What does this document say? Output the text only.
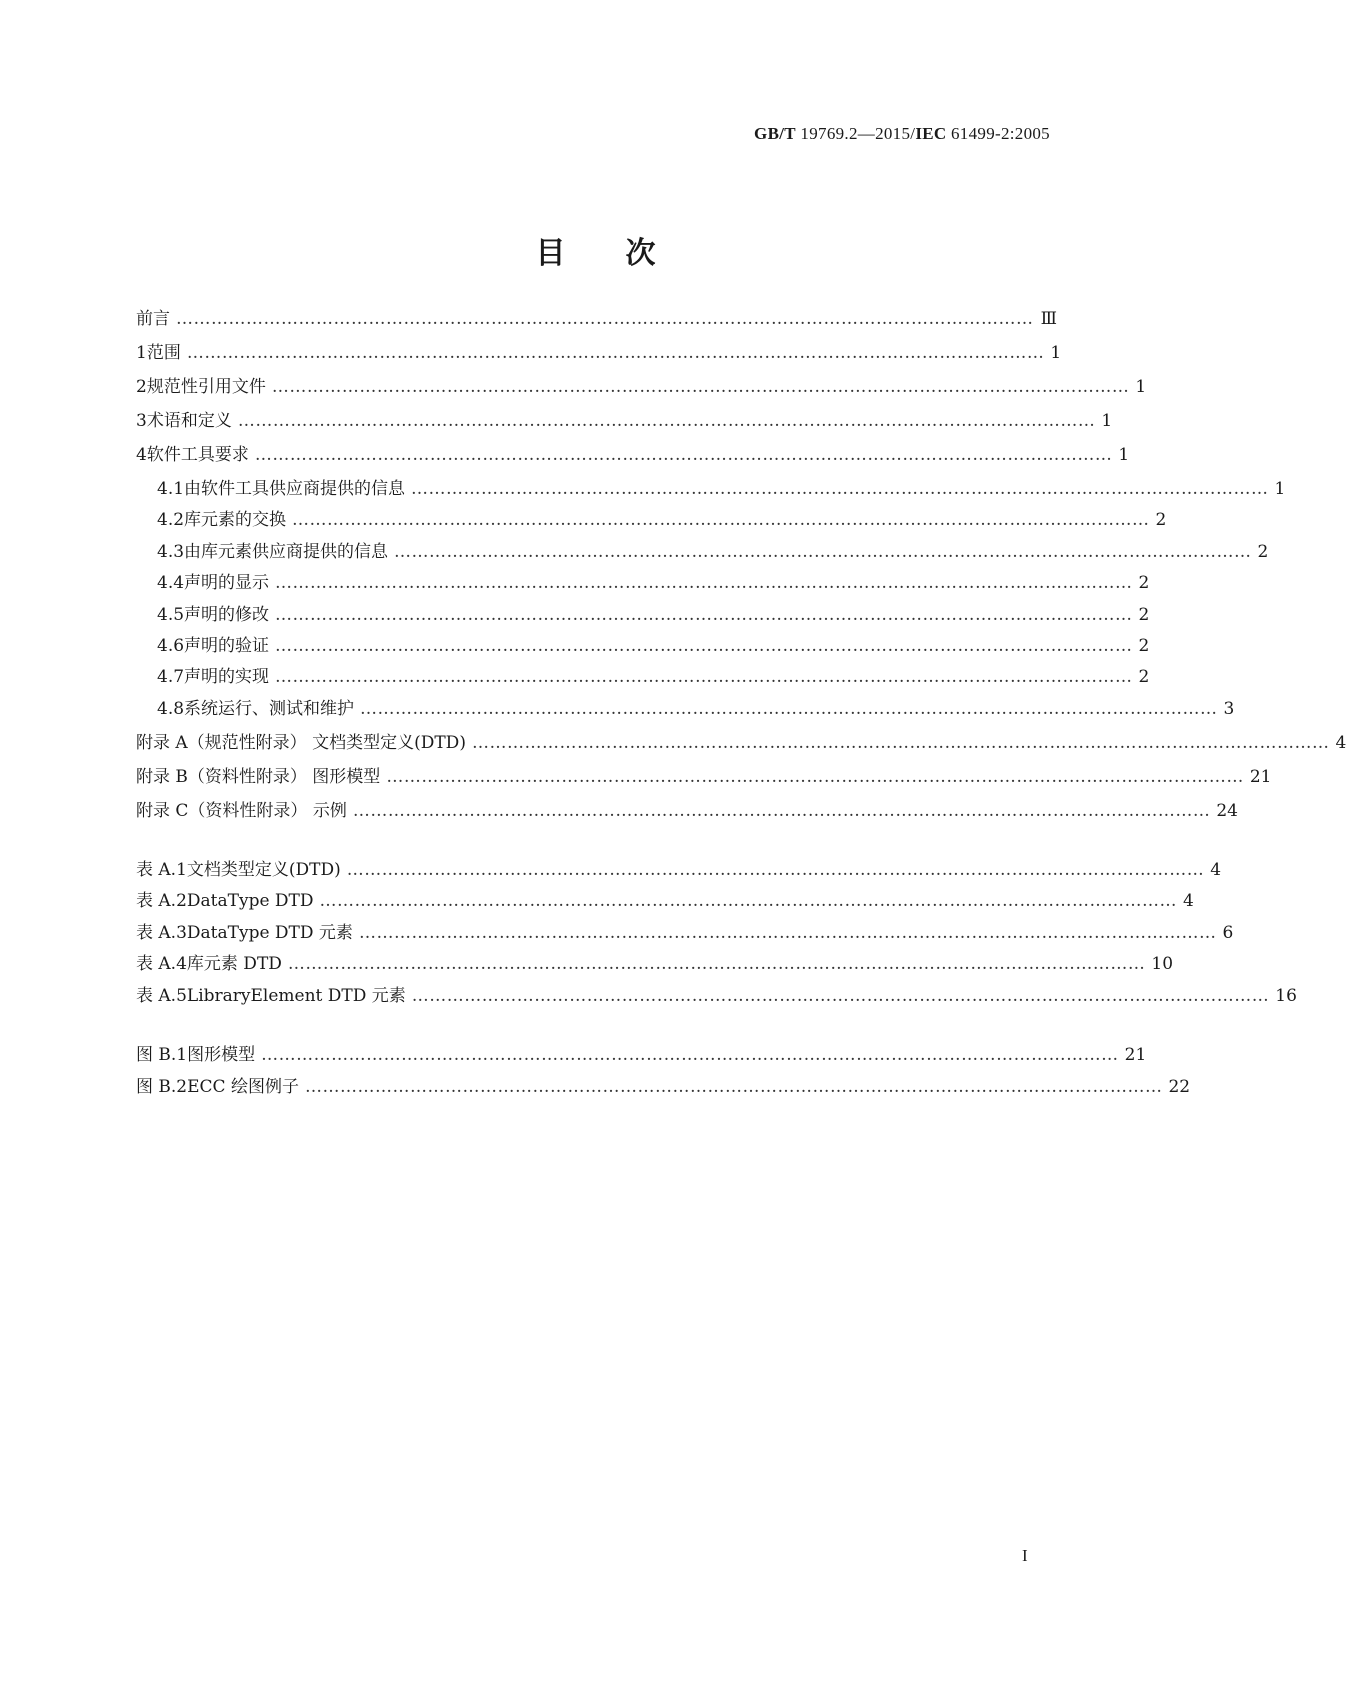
GB/T 19769.2—2015/IEC 61499-2:2005
目次
前言 ………………………………………………………………………………………………………………………………… Ⅲ
1 范围 ………………………………………………………………………………………………………………………………… 1
2 规范性引用文件 ………………………………………………………………………………………………………………………………… 1
3 术语和定义 ………………………………………………………………………………………………………………………………… 1
4 软件工具要求 ………………………………………………………………………………………………………………………………… 1
4.1 由软件工具供应商提供的信息 ………………………………………………………………………………………………………………………………… 1
4.2 库元素的交换 ………………………………………………………………………………………………………………………………… 2
4.3 由库元素供应商提供的信息 ………………………………………………………………………………………………………………………………… 2
4.4 声明的显示 ………………………………………………………………………………………………………………………………… 2
4.5 声明的修改 ………………………………………………………………………………………………………………………………… 2
4.6 声明的验证 ………………………………………………………………………………………………………………………………… 2
4.7 声明的实现 ………………………………………………………………………………………………………………………………… 2
4.8 系统运行、测试和维护 ………………………………………………………………………………………………………………………………… 3
附录 A（规范性附录） 文档类型定义(DTD) ………………………………………………………………………………………………………………………………… 4
附录 B（资料性附录） 图形模型 ………………………………………………………………………………………………………………………………… 21
附录 C（资料性附录） 示例 ………………………………………………………………………………………………………………………………… 24
表 A.1 文档类型定义(DTD) ………………………………………………………………………………………………………………………………… 4
表 A.2 DataType DTD ………………………………………………………………………………………………………………………………… 4
表 A.3 DataType DTD 元素 ………………………………………………………………………………………………………………………………… 6
表 A.4 库元素 DTD ………………………………………………………………………………………………………………………………… 10
表 A.5 LibraryElement DTD 元素 ………………………………………………………………………………………………………………………………… 16
图 B.1 图形模型 ………………………………………………………………………………………………………………………………… 21
图 B.2 ECC 绘图例子 ………………………………………………………………………………………………………………………………… 22
I
